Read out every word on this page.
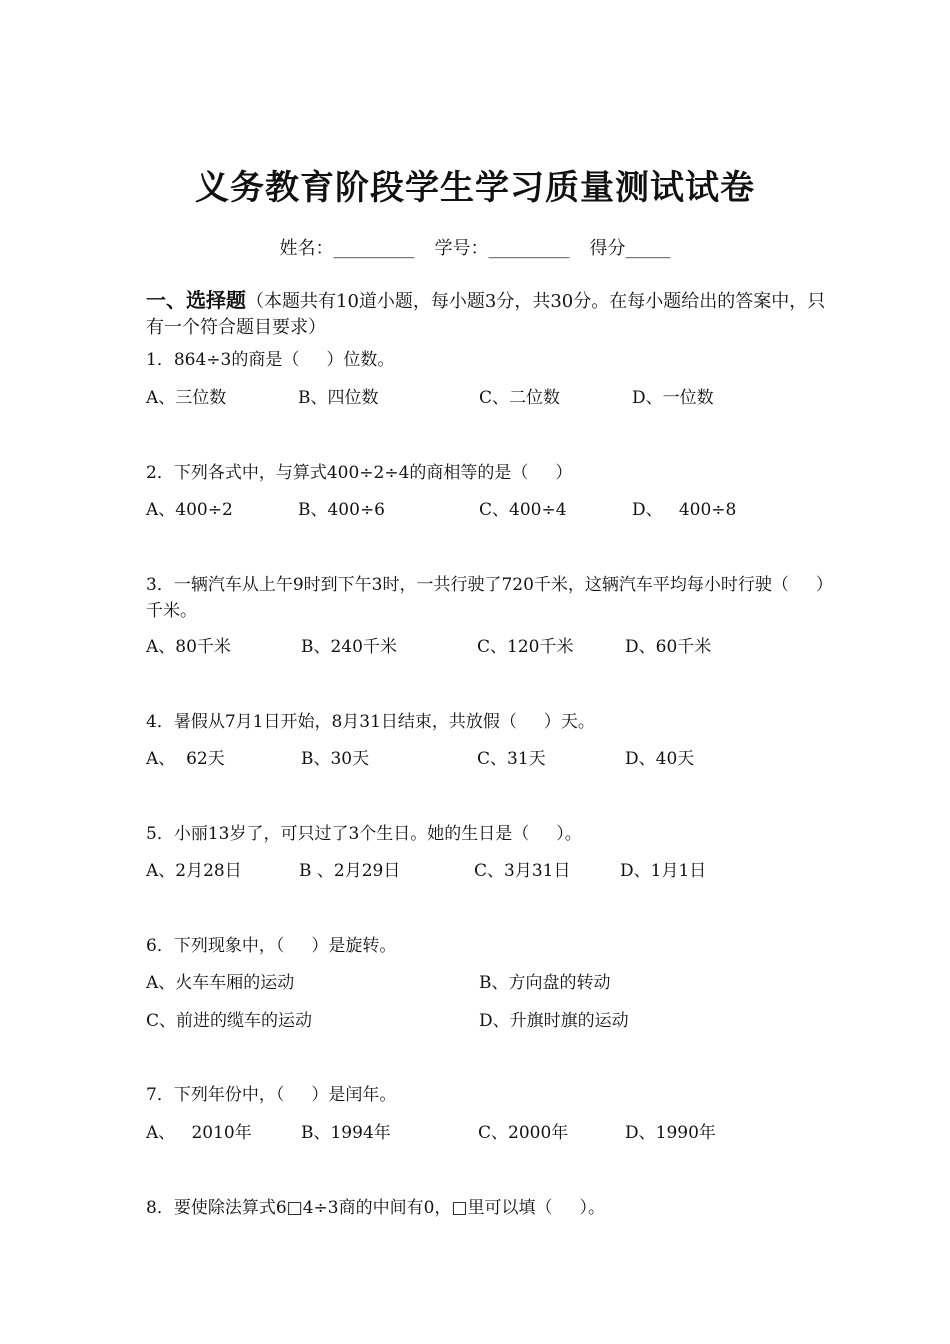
义务教育阶段学生学习质量测试试卷
姓名：_________ 学号：_________ 得分_____
一、选择题（本题共有10道小题，每小题3分，共30分。在每小题给出的答案中，只有一个符合题目要求）
1．864÷3的商是（     ）位数。
A、三位数	B、四位数	C、二位数	D、一位数
2．下列各式中，与算式400÷2÷4的商相等的是（     ）
A、400÷2	B、400÷6	C、400÷4	D、   400÷8
3．一辆汽车从上午9时到下午3时，一共行驶了720千米，这辆汽车平均每小时行驶（     ）千米。
A、80千米	B、240千米	C、120千米	D、60千米
4．暑假从7月1日开始，8月31日结束，共放假（     ）天。
A、  62天	B、30天	C、31天	D、40天
5．小丽13岁了，可只过了3个生日。她的生日是（     ）。
A、2月28日	B 、2月29日	C、3月31日	D、1月1日
6．下列现象中，（     ）是旋转。
A、火车车厢的运动	B、方向盘的转动
C、前进的缆车的运动	D、升旗时旗的运动
7．下列年份中，（     ）是闰年。
A、   2010年	B、1994年	C、2000年	D、1990年
8．要使除法算式6□4÷3商的中间有0，□里可以填（     ）。
